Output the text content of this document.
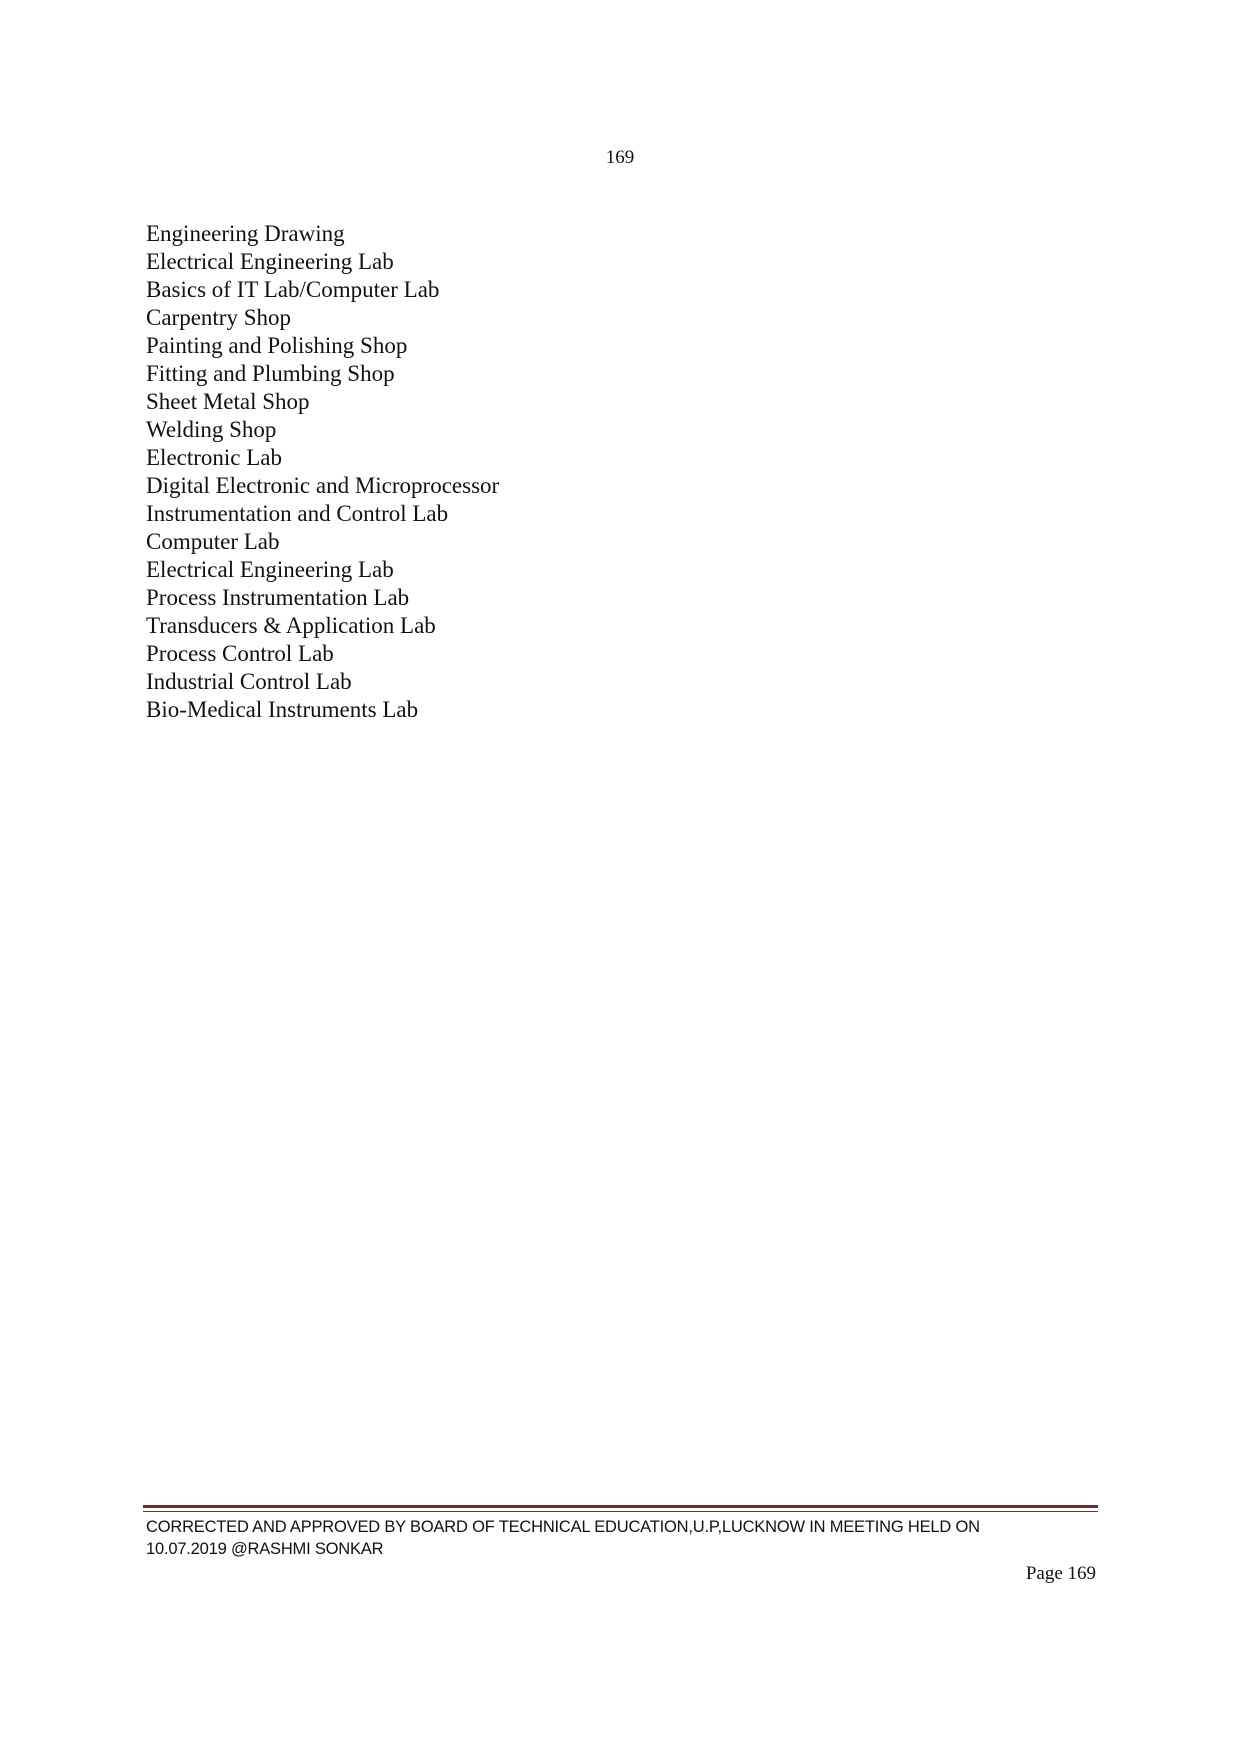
169
Engineering Drawing
Electrical Engineering Lab
Basics of IT Lab/Computer Lab
Carpentry Shop
Painting and Polishing Shop
Fitting and Plumbing Shop
Sheet Metal Shop
Welding Shop
Electronic Lab
Digital Electronic and Microprocessor
Instrumentation and Control Lab
Computer Lab
Electrical Engineering Lab
Process Instrumentation Lab
Transducers & Application Lab
Process Control Lab
Industrial Control Lab
Bio-Medical Instruments Lab
CORRECTED AND APPROVED BY BOARD OF TECHNICAL EDUCATION,U.P,LUCKNOW IN MEETING HELD ON
10.07.2019 @RASHMI SONKAR
Page 169
